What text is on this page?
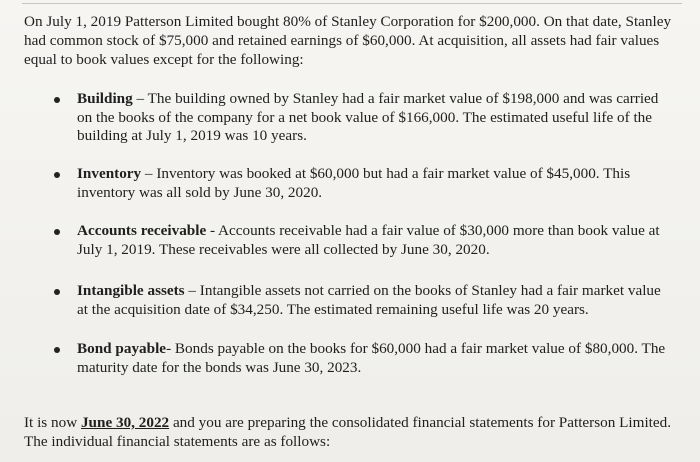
On July 1, 2019 Patterson Limited bought 80% of Stanley Corporation for $200,000. On that date, Stanley had common stock of $75,000 and retained earnings of $60,000. At acquisition, all assets had fair values equal to book values except for the following:

Building – The building owned by Stanley had a fair market value of $198,000 and was carried on the books of the company for a net book value of $166,000. The estimated useful life of the building at July 1, 2019 was 10 years.
Inventory – Inventory was booked at $60,000 but had a fair market value of $45,000. This inventory was all sold by June 30, 2020.
Accounts receivable - Accounts receivable had a fair value of $30,000 more than book value at July 1, 2019. These receivables were all collected by June 30, 2020.
Intangible assets – Intangible assets not carried on the books of Stanley had a fair market value at the acquisition date of $34,250. The estimated remaining useful life was 20 years.
Bond payable- Bonds payable on the books for $60,000 had a fair market value of $80,000. The maturity date for the bonds was June 30, 2023.

It is now June 30, 2022 and you are preparing the consolidated financial statements for Patterson Limited. The individual financial statements are as follows:
